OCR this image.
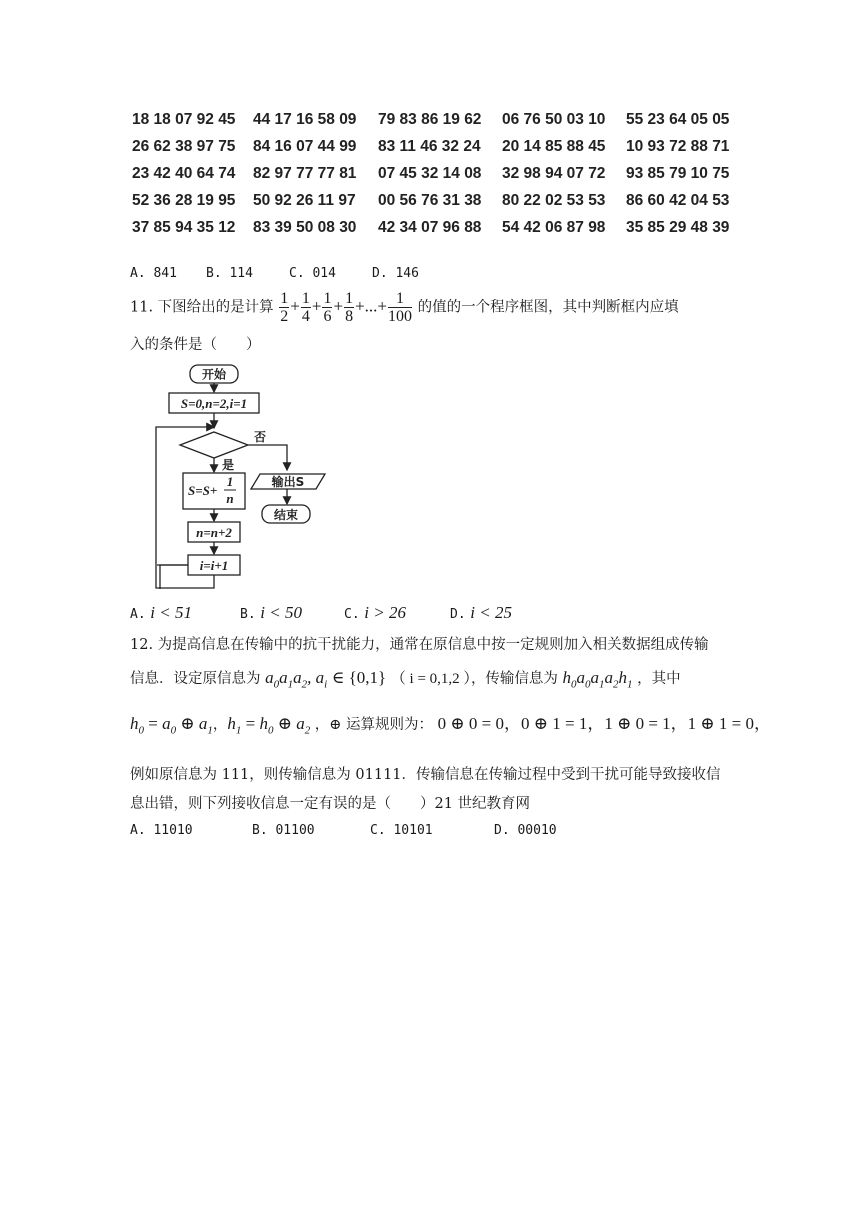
18 18 07 92 45	44 17 16 58 09	79 83 86 19 62	06 76 50 03 10	55 23 64 05 05
26 62 38 97 75	84 16 07 44 99	83 11 46 32 24	20 14 85 88 45	10 93 72 88 71
23 42 40 64 74	82 97 77 77 81	07 45 32 14 08	32 98 94 07 72	93 85 79 10 75
52 36 28 19 95	50 92 26 11 97	00 56 76 31 38	80 22 02 53 53	86 60 42 04 53
37 85 94 35 12	83 39 50 08 30	42 34 07 96 88	54 42 06 87 98	35 85 29 48 39
A. 841 B. 114	C. 014	D. 146
11. 下图给出的是计算 $\frac{1}{2} + \frac{1}{4} + \frac{1}{6} + \frac{1}{8}$ +...+ $\frac{1}{100}$ 的值的一个程序框图，其中判断框内应填
入的条件是（　　）
开始
S=0,n=2,i=1
否
是
S=S+
1
n
输出S
结束
n=n+2
i=i+1
A. i < 51	B. i < 50	C. i > 26	D. i < 25
12. 为提高信息在传输中的抗干扰能力，通常在原信息中按一定规则加入相关数据组成传输
信息．设定原信息为 $a_0a_1a_2$, $a_i$ ∈ {0,1} （ i = 0,1,2 ），传输信息为 $h_0a_0a_1a_2h_1$ ，其中
$h_0 = a_0$ ⊕ $a_1$，$h_1 = h_0$ ⊕ $a_2$ ，⊕ 运算规则为： 0 ⊕ 0 = 0，0 ⊕ 1 = 1，1 ⊕ 0 = 1，1 ⊕ 1 = 0，
例如原信息为 111，则传输信息为 01111．传输信息在传输过程中受到干扰可能导致接收信
息出错，则下列接收信息一定有误的是（　　）21 世纪教育网
A. 11010	B. 01100	C. 10101	D. 00010
